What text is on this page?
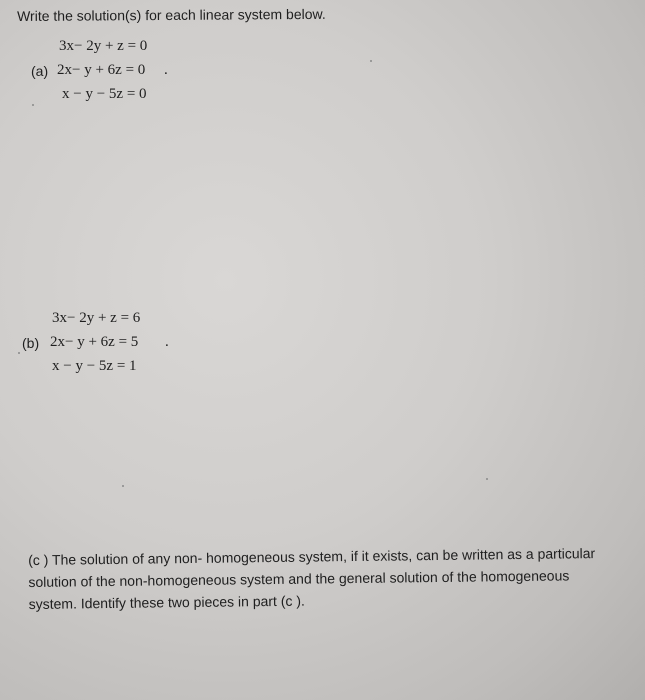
Write the solution(s) for each linear system below.
3x− 2y + z = 0
(a) 2x− y + 6z = 0 .
x − y − 5z = 0
3x− 2y + z = 6
(b) 2x− y + 6z = 5 .
x − y − 5z = 1
(c ) The solution of any non- homogeneous system, if it exists, can be written as a particular
solution of the non-homogeneous system and the general solution of the homogeneous
system. Identify these two pieces in part (c ).
